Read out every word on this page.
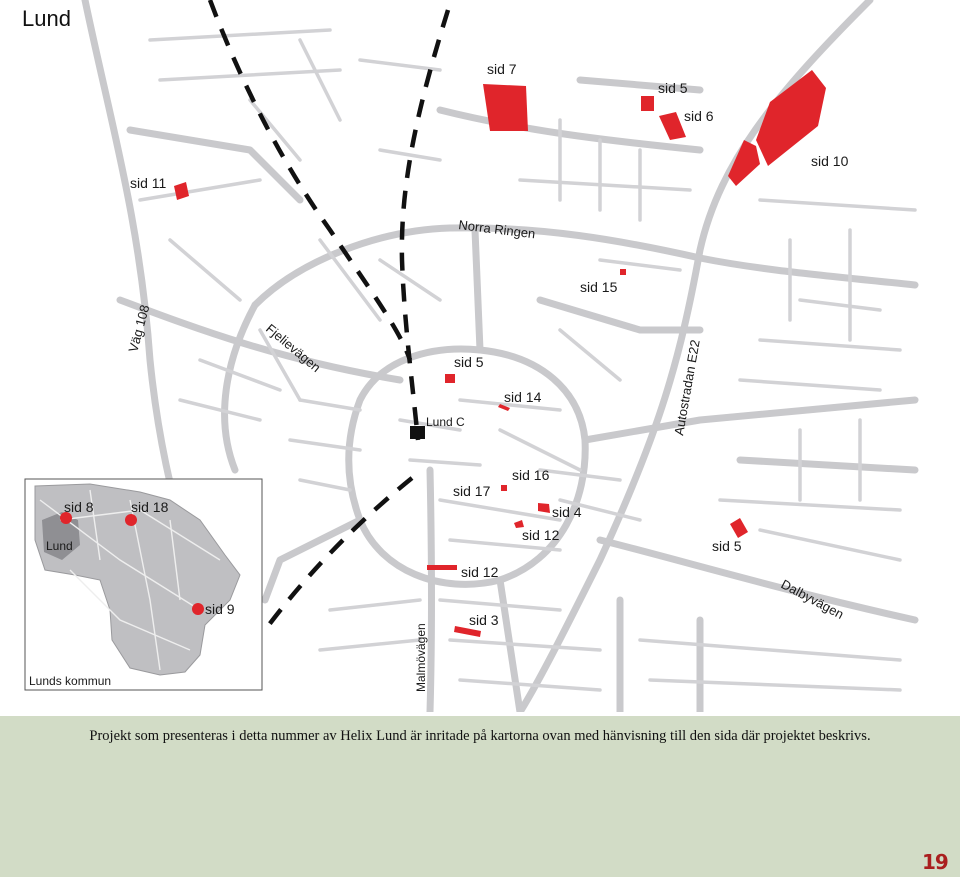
Norra Ringen
Väg 108	Fjelievägen	Autostradan E22
Dalbyvägen
Malmövägen
Lund C
sid 7
sid 5
sid 6
sid 10
sid 11
sid 15
sid 5
sid 14
sid 16
sid 17
sid 4
sid 12
sid 5
sid 12
sid 3
sid 8	sid 18
sid 9
Lund
Lunds kommun
Lund
Projekt som presenteras i detta nummer av Helix Lund är inritade på kartorna ovan med hänvisning till den sida där projektet beskrivs.
19
